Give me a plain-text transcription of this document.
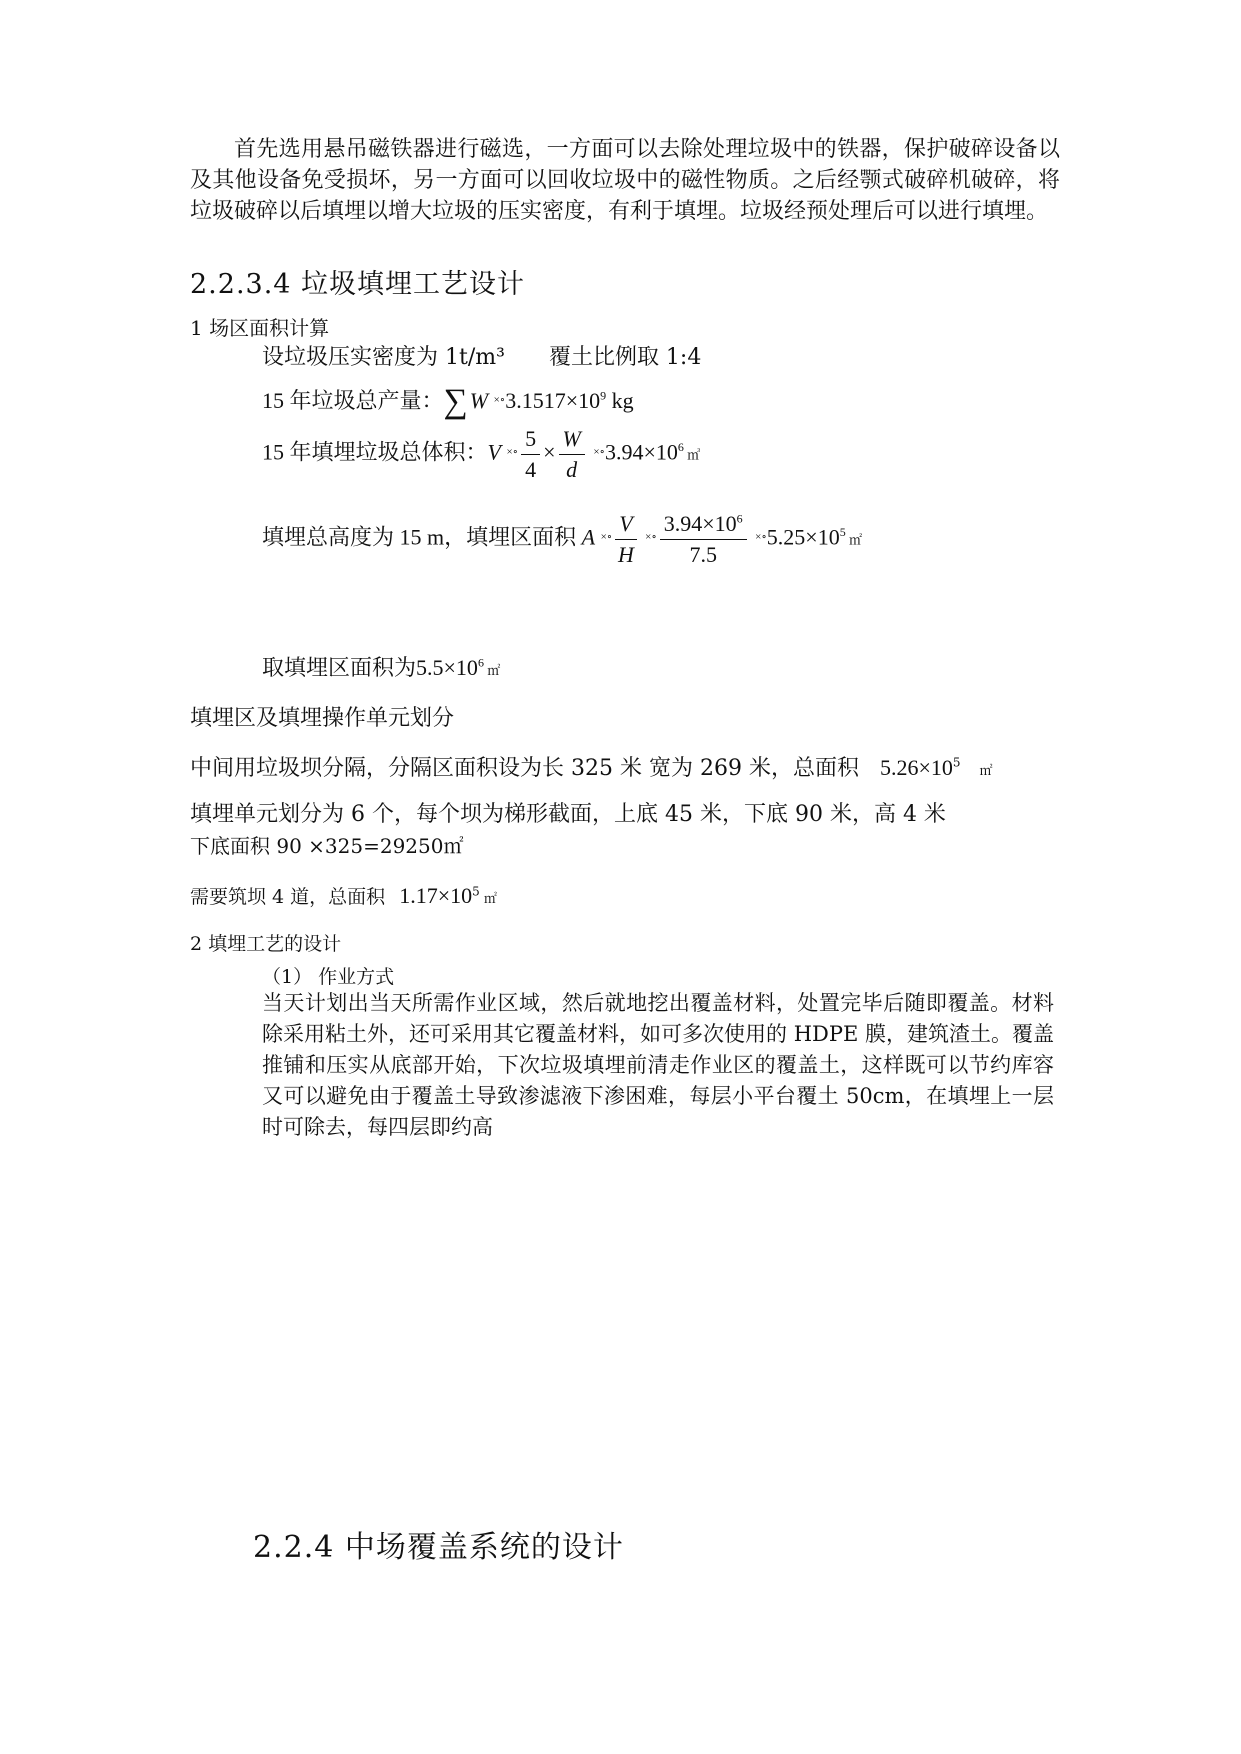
首先选用悬吊磁铁器进行磁选，一方面可以去除处理垃圾中的铁器，保护破碎设备以及其他设备免受损坏，另一方面可以回收垃圾中的磁性物质。之后经颚式破碎机破碎，将垃圾破碎以后填埋以增大垃圾的压实密度，有利于填埋。垃圾经预处理后可以进行填埋。
2.2.3.4 垃圾填埋工艺设计
1 场区面积计算
设垃圾压实密度为 1t/m³ 覆土比例取 1:4
15 年垃圾总产量：∑W $^{\times\circ}3.1517\times 10^9$ kg
15 年填埋垃圾总体积：V $^{\times\circ} \frac{5}{4} \times \frac{W}{d} ^{\times\circ}3.94\times 10^6$ ㎥
填埋总高度为 15 m，填埋区面积 A $^{\times\circ} \frac{V}{H} ^{\times\circ} \frac{3.94\times 10^6}{7.5} ^{\times\circ}5.25\times 10^5$ ㎡
取填埋区面积为$5.5\times 10^6$ ㎡
填埋区及填埋操作单元划分
中间用垃圾坝分隔，分隔区面积设为长 325 米 宽为 269 米，总面积 $5.26\times 10^5$ ㎡
填埋单元划分为 6 个，每个坝为梯形截面，上底 45 米，下底 90 米，高 4 米
下底面积 90 ×325=29250㎡
需要筑坝 4 道，总面积 $1.17\times 10^5$ ㎡
2 填埋工艺的设计
（1） 作业方式
当天计划出当天所需作业区域，然后就地挖出覆盖材料，处置完毕后随即覆盖。材料除采用粘土外，还可采用其它覆盖材料，如可多次使用的 HDPE 膜，建筑渣土。覆盖推铺和压实从底部开始，下次垃圾填埋前清走作业区的覆盖土，这样既可以节约库容又可以避免由于覆盖土导致渗滤液下渗困难，每层小平台覆土 50cm，在填埋上一层时可除去，每四层即约高
2.2.4 中场覆盖系统的设计
